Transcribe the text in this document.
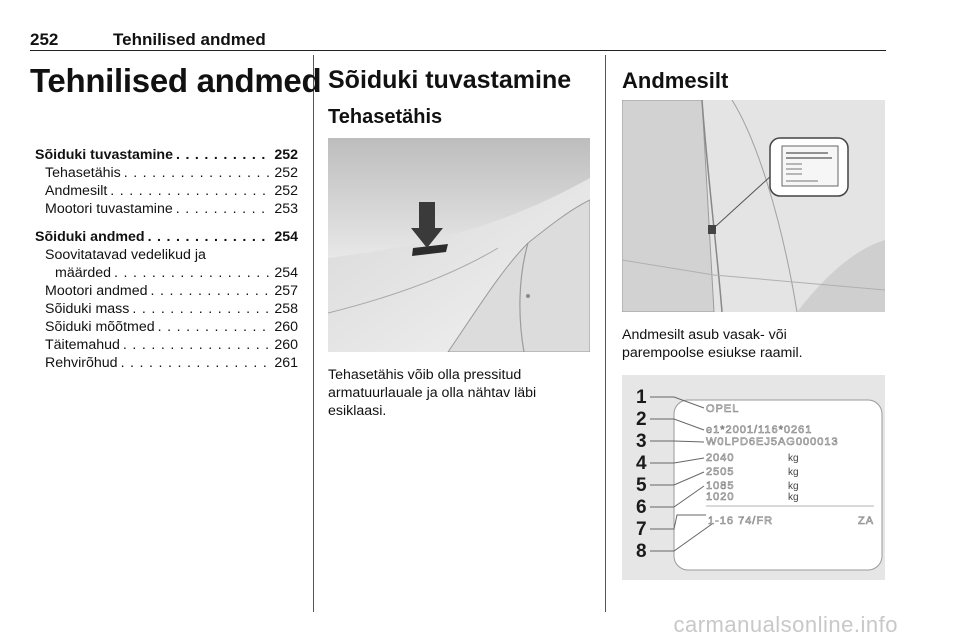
252	Tehnilised andmed
Tehnilised andmed
Sõiduki tuvastamine . . .	252
Tehasetähis . . .	252
Andmesilt . . .	252
Mootori tuvastamine . . .	253
Sõiduki andmed . . .	254
Soovitatavad vedelikud ja
määrded . . .	254
Mootori andmed . . .	257
Sõiduki mass . . .	258
Sõiduki mõõtmed . . .	260
Täitemahud . . .	260
Rehvirõhud . . .	261
Sõiduki tuvastamine
Tehasetähis
Tehasetähis võib olla pressitud
armatuurlauale ja olla nähtav läbi
esiklaasi.
Andmesilt
Andmesilt asub vasak- või
parempoolse esiukse raamil.
1
2
3
4
5
6
7
8
OPEL
e1*2001/116*0261
W0LPD6EJ5AG000013
2040
2505
1085
1020
1-16 74/FR	ZA
kg
kg
kg
kg
carmanualsonline.info
